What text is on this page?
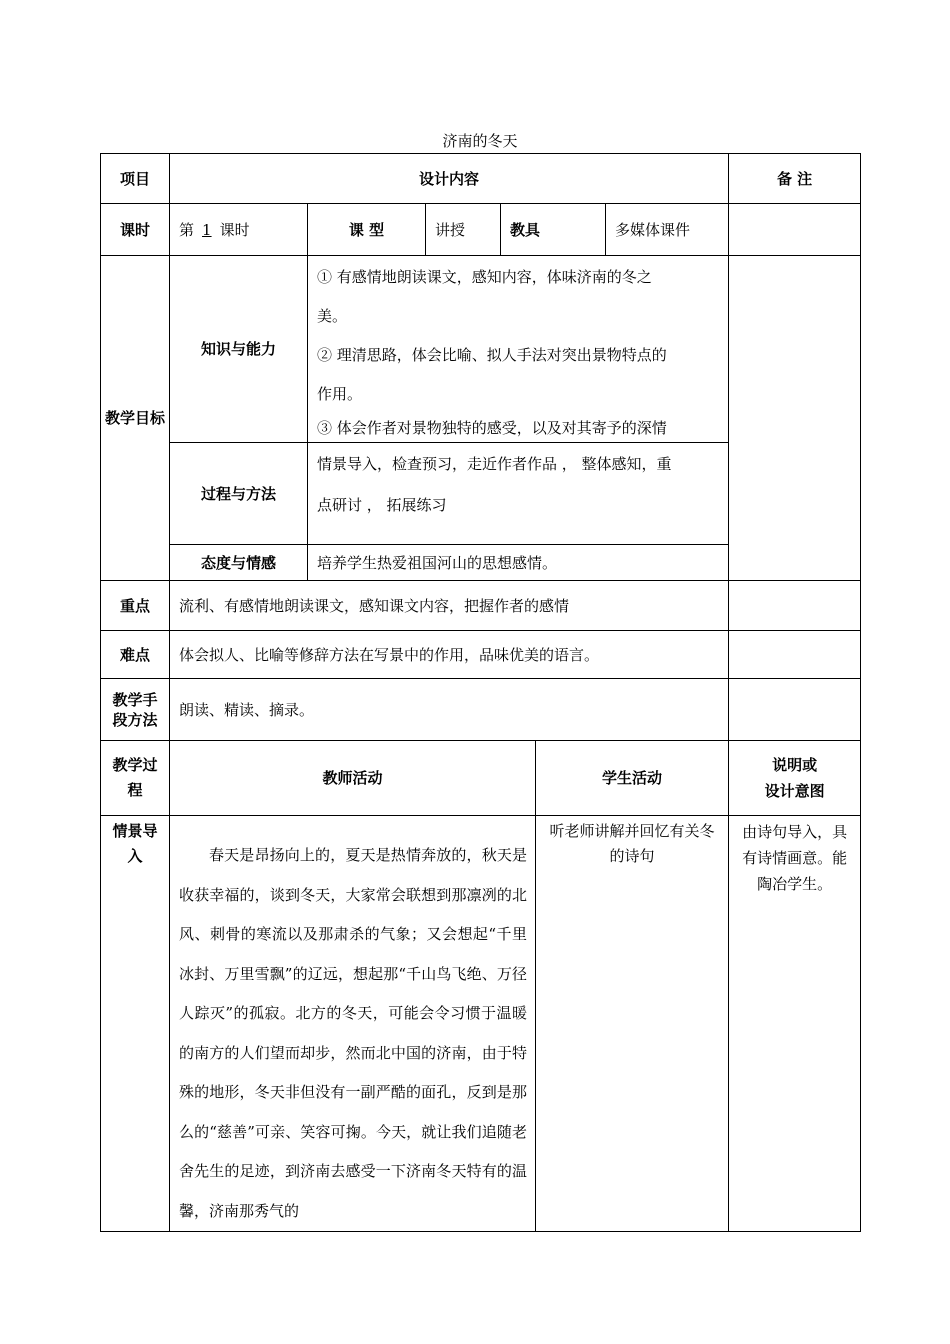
济南的冬天
项目	设计内容						备 注
课时	第 1 课时	课 型	讲授	教具		多媒体课件	
教学目标	知识与能力	① 有感情地朗读课文，感知内容，体味济南的冬之

美。

② 理清思路，体会比喻、拟人手法对突出景物特点的

作用。

③ 体会作者对景物独特的感受，以及对其寄予的深情					

	过程与方法	情景导入，检查预习，走近作者作品 ， 整体感知，重

点研讨 ， 拓展练习					

	态度与情感	培养学生热爱祖国河山的思想感情。					
重点	流利、有感情地朗读课文，感知课文内容，把握作者的感情						
难点	体会拟人、比喻等修辞方法在写景中的作用，品味优美的语言。						
教学手段方法	朗读、精读、摘录。						
教学过程	教师活动				学生活动		说明或
设计意图

情景导入	春天是昂扬向上的，夏天是热情奔放的，秋天是收获幸福的，谈到冬天，大家常会联想到那凛冽的北风、刺骨的寒流以及那肃杀的气象；又会想起“千里冰封、万里雪飘”的辽远，想起那“千山鸟飞绝、万径人踪灭”的孤寂。北方的冬天，可能会令习惯于温暖的南方的人们望而却步，然而北中国的济南，由于特殊的地形，冬天非但没有一副严酷的面孔，反到是那么的“慈善”可亲、笑容可掬。今天，就让我们追随老舍先生的足迹，到济南去感受一下济南冬天特有的温馨，济南那秀气的				听老师讲解并回忆有关冬的诗句		由诗句导入，具有诗情画意。能陶冶学生。
